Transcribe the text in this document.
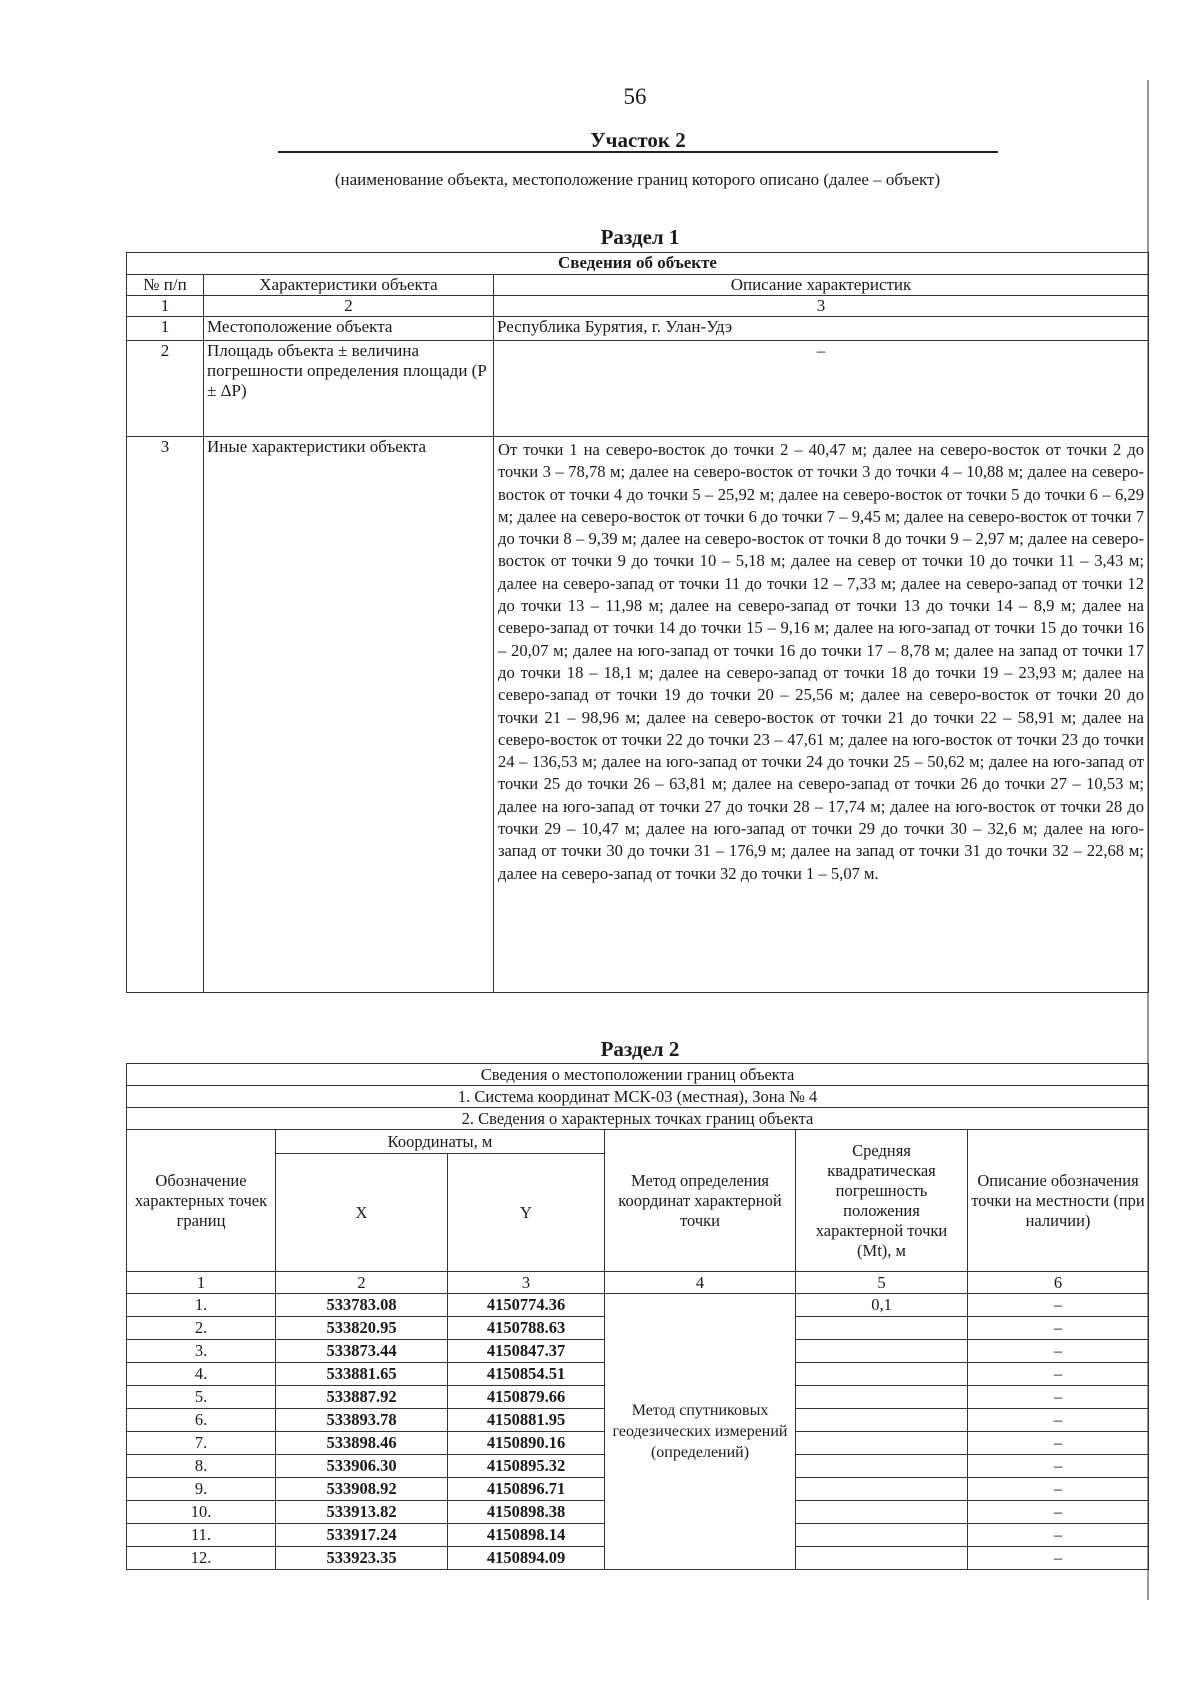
56
Участок 2
(наименование объекта, местоположение границ которого описано (далее – объект)
Раздел 1
Сведения об объекте		
№ п/п	Характеристики объекта	Описание характеристик
1	2	3
1	Местоположение объекта	Республика Бурятия, г. Улан-Удэ
2	Площадь объекта ± величина погрешности определения площади (Р ± ΔР)	–
3	Иные характеристики объекта	От точки 1 на северо-восток до точки 2 – 40,47 м; далее на северо-восток от точки 2 до точки 3 – 78,78 м; далее на северо-восток от точки 3 до точки 4 – 10,88 м; далее на северо-восток от точки 4 до точки 5 – 25,92 м; далее на северо-восток от точки 5 до точки 6 – 6,29 м; далее на северо-восток от точки 6 до точки 7 – 9,45 м; далее на северо-восток от точки 7 до точки 8 – 9,39 м; далее на северо-восток от точки 8 до точки 9 – 2,97 м; далее на северо-восток от точки 9 до точки 10 – 5,18 м; далее на север от точки 10 до точки 11 – 3,43 м; далее на северо-запад от точки 11 до точки 12 – 7,33 м; далее на северо-запад от точки 12 до точки 13 – 11,98 м; далее на северо-запад от точки 13 до точки 14 – 8,9 м; далее на северо-запад от точки 14 до точки 15 – 9,16 м; далее на юго-запад от точки 15 до точки 16 – 20,07 м; далее на юго-запад от точки 16 до точки 17 – 8,78 м; далее на запад от точки 17 до точки 18 – 18,1 м; далее на северо-запад от точки 18 до точки 19 – 23,93 м; далее на северо-запад от точки 19 до точки 20 – 25,56 м; далее на северо-восток от точки 20 до точки 21 – 98,96 м; далее на северо-восток от точки 21 до точки 22 – 58,91 м; далее на северо-восток от точки 22 до точки 23 – 47,61 м; далее на юго-восток от точки 23 до точки 24 – 136,53 м; далее на юго-запад от точки 24 до точки 25 – 50,62 м; далее на юго-запад от точки 25 до точки 26 – 63,81 м; далее на северо-запад от точки 26 до точки 27 – 10,53 м; далее на юго-запад от точки 27 до точки 28 – 17,74 м; далее на юго-восток от точки 28 до точки 29 – 10,47 м; далее на юго-запад от точки 29 до точки 30 – 32,6 м; далее на юго-запад от точки 30 до точки 31 – 176,9 м; далее на запад от точки 31 до точки 32 – 22,68 м; далее на северо-запад от точки 32 до точки 1 – 5,07 м.
Раздел 2
Сведения о местоположении границ объекта					
1. Система координат МСК-03 (местная), Зона № 4					
2. Сведения о характерных точках границ объекта					
Обозначение характерных точек границ	Координаты, м		Метод определения координат характерной точки	Средняя квадратическая погрешность положения характерной точки (Mt), м	Описание обозначения точки на местности (при наличии)
	X	Y			
1	2	3	4	5	6
1.	533783.08	4150774.36	Метод спутниковых геодезических измерений (определений)	0,1	–
2.	533820.95	4150788.63			–
3.	533873.44	4150847.37			–
4.	533881.65	4150854.51			–
5.	533887.92	4150879.66			–
6.	533893.78	4150881.95			–
7.	533898.46	4150890.16			–
8.	533906.30	4150895.32			–
9.	533908.92	4150896.71			–
10.	533913.82	4150898.38			–
11.	533917.24	4150898.14			–
12.	533923.35	4150894.09			–
